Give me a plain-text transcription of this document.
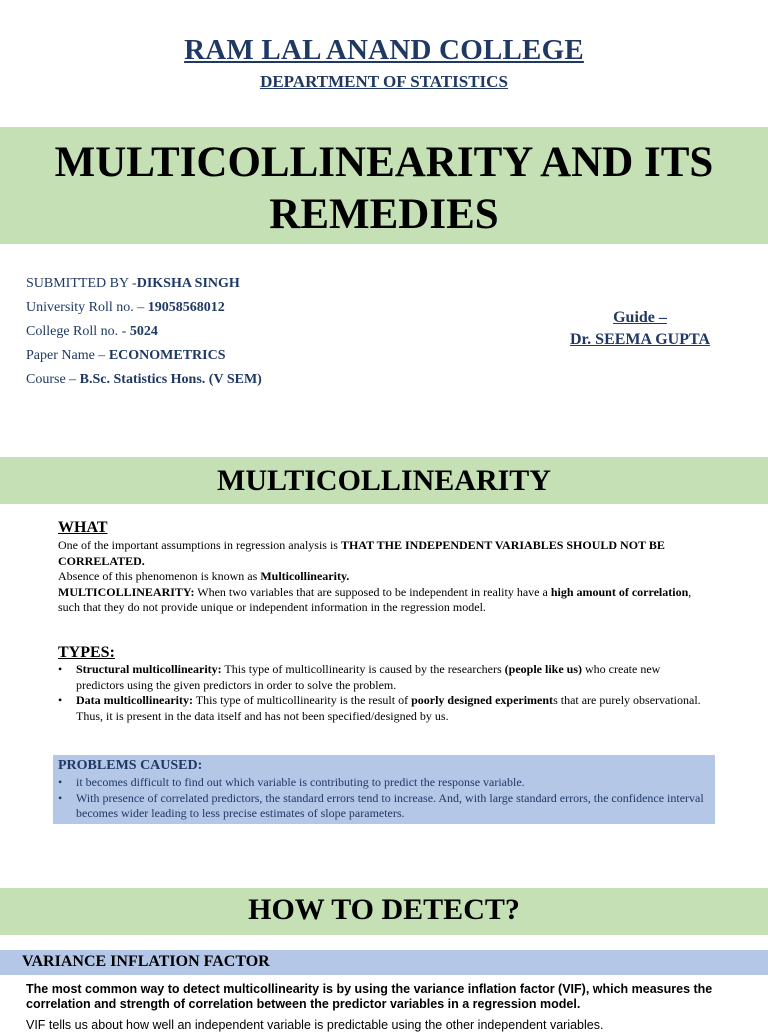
RAM LAL ANAND COLLEGE
DEPARTMENT OF STATISTICS
MULTICOLLINEARITY AND ITS
REMEDIES
SUBMITTED BY -DIKSHA SINGH
University Roll no. – 19058568012
College Roll no. - 5024
Paper Name – ECONOMETRICS
Course – B.Sc. Statistics Hons. (V SEM)
Guide –
Dr. SEEMA GUPTA
MULTICOLLINEARITY
WHAT
One of the important assumptions in regression analysis is THAT THE INDEPENDENT VARIABLES SHOULD NOT BE CORRELATED.
Absence of this phenomenon is known as Multicollinearity.
MULTICOLLINEARITY: When two variables that are supposed to be independent in reality have a high amount of correlation, such that they do not provide unique or independent information in the regression model.
TYPES:
• Structural multicollinearity: This type of multicollinearity is caused by the researchers (people like us) who create new predictors using the given predictors in order to solve the problem.
• Data multicollinearity: This type of multicollinearity is the result of poorly designed experiments that are purely observational. Thus, it is present in the data itself and has not been specified/designed by us.
PROBLEMS CAUSED:
• it becomes difficult to find out which variable is contributing to predict the response variable.
• With presence of correlated predictors, the standard errors tend to increase. And, with large standard errors, the confidence interval becomes wider leading to less precise estimates of slope parameters.
HOW TO DETECT?
VARIANCE INFLATION FACTOR
The most common way to detect multicollinearity is by using the variance inflation factor (VIF), which measures the correlation and strength of correlation between the predictor variables in a regression model.
VIF tells us about how well an independent variable is predictable using the other independent variables.
